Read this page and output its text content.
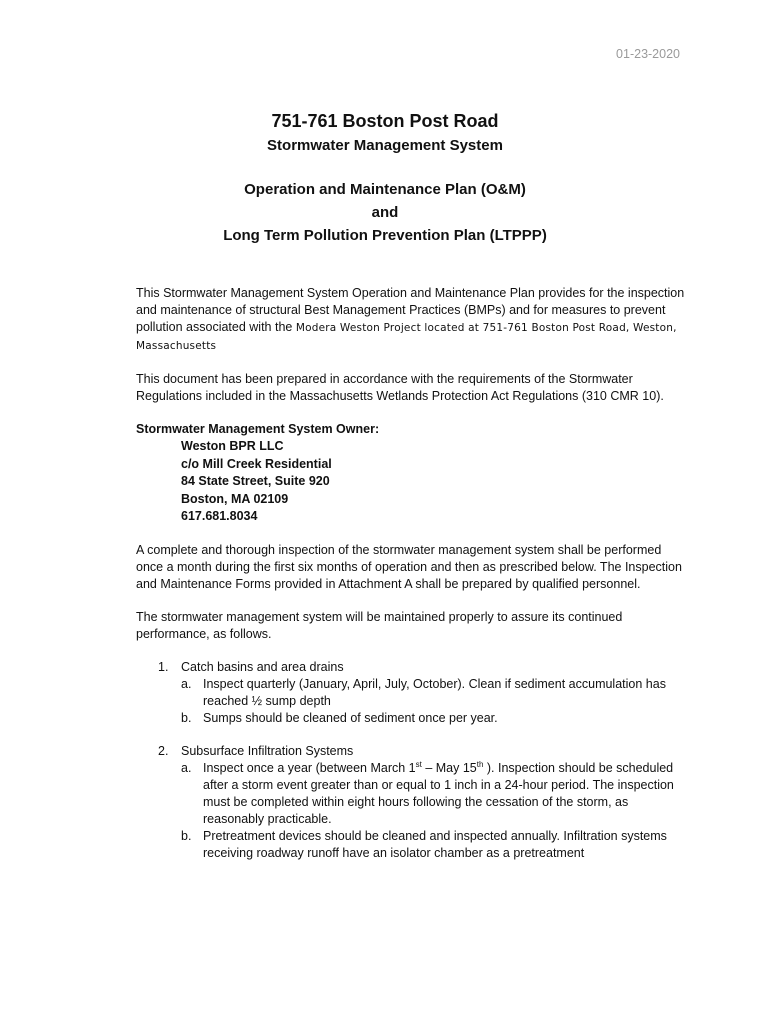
01-23-2020

751-761 Boston Post Road

Stormwater Management System

Operation and Maintenance Plan (O&M)

and

Long Term Pollution Prevention Plan (LTPPP)

This Stormwater Management System Operation and Maintenance Plan provides for the inspection and maintenance of structural Best Management Practices (BMPs) and for measures to prevent pollution associated with the Modera Weston Project located at 751-761 Boston Post Road, Weston, Massachusetts

This document has been prepared in accordance with the requirements of the Stormwater Regulations included in the Massachusetts Wetlands Protection Act Regulations (310 CMR 10).

Stormwater Management System Owner:

Weston BPR LLC
c/o Mill Creek Residential
84 State Street, Suite 920
Boston, MA 02109
617.681.8034

A complete and thorough inspection of the stormwater management system shall be performed once a month during the first six months of operation and then as prescribed below. The Inspection and Maintenance Forms provided in Attachment A shall be prepared by qualified personnel.

The stormwater management system will be maintained properly to assure its continued performance, as follows.

1. Catch basins and area drains
a. Inspect quarterly (January, April, July, October). Clean if sediment accumulation has reached ½ sump depth
b. Sumps should be cleaned of sediment once per year.
2. Subsurface Infiltration Systems
a. Inspect once a year (between March 1st – May 15th ). Inspection should be scheduled after a storm event greater than or equal to 1 inch in a 24-hour period. The inspection must be completed within eight hours following the cessation of the storm, as reasonably practicable.
b. Pretreatment devices should be cleaned and inspected annually. Infiltration systems receiving roadway runoff have an isolator chamber as a pretreatment
